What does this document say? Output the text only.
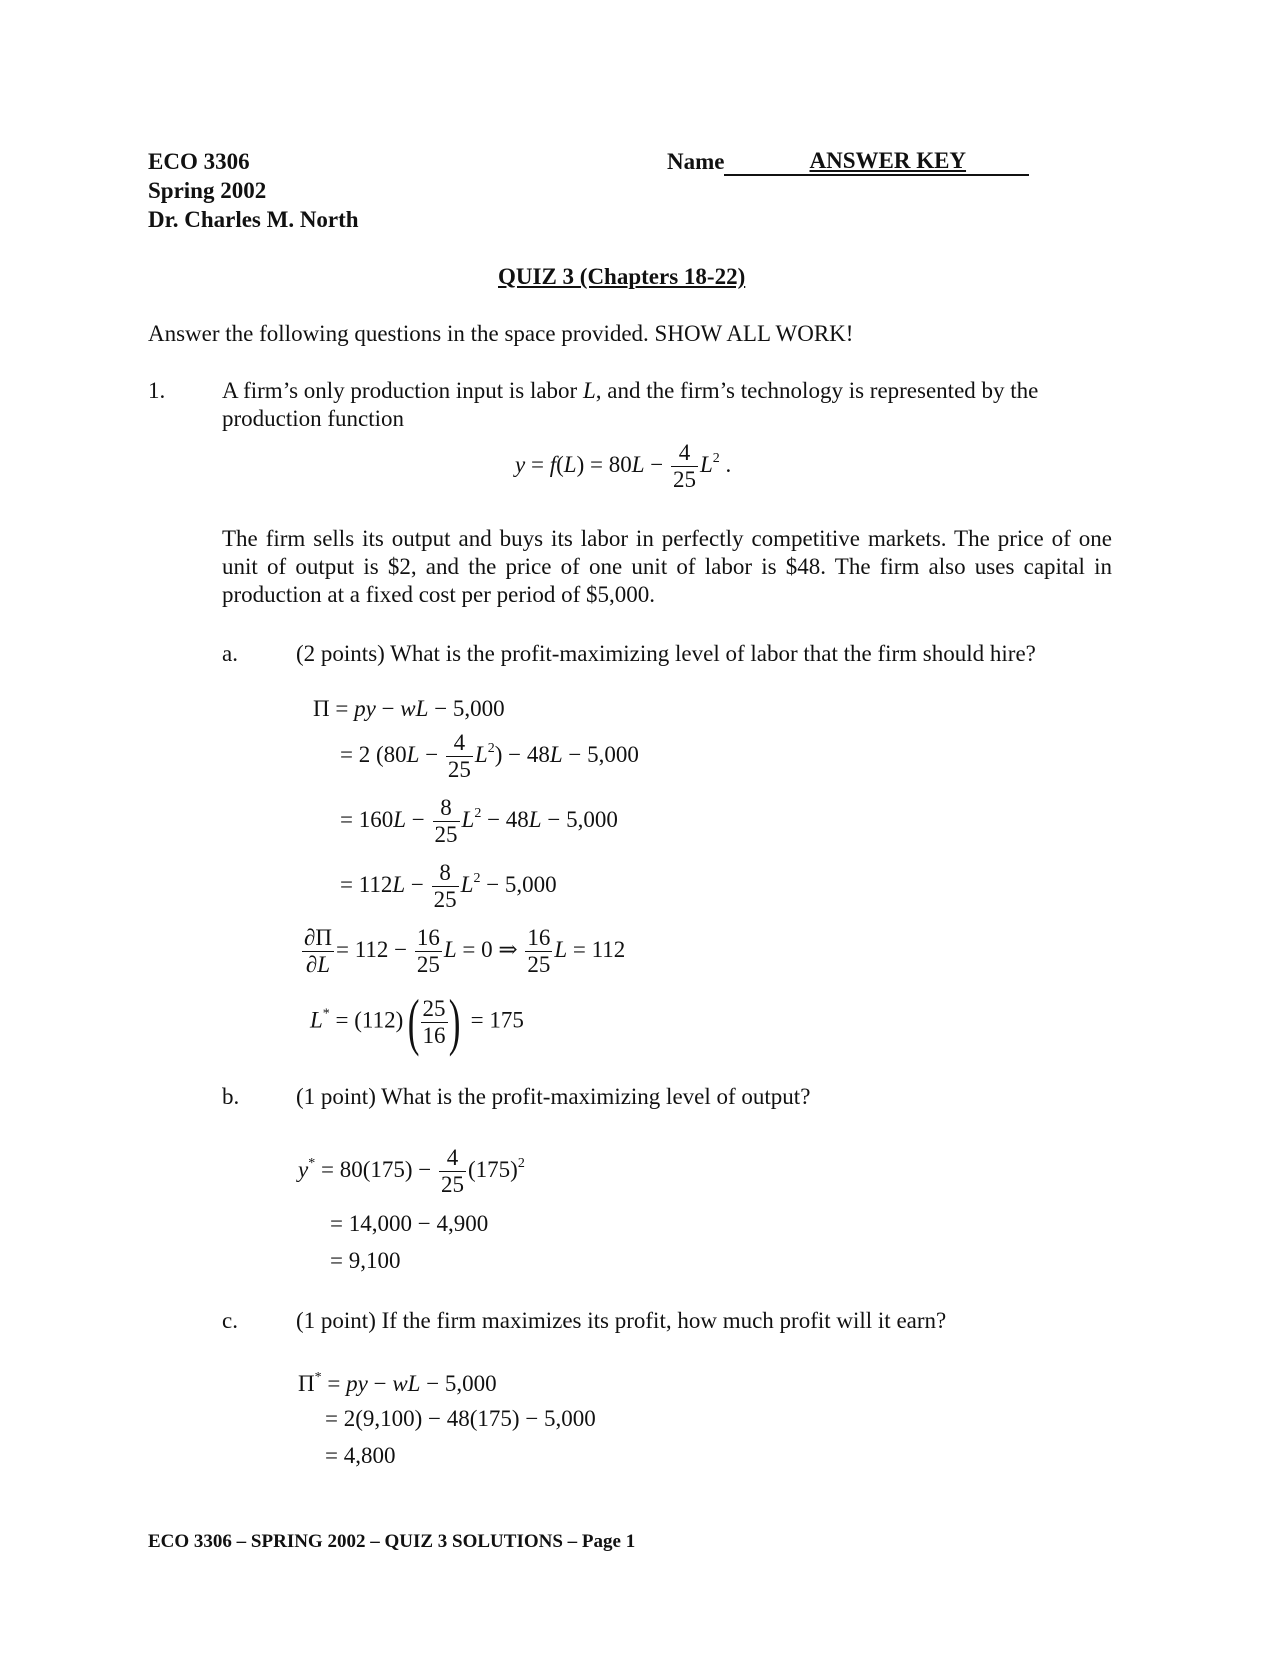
ECO 3306
Spring 2002
Dr. Charles M. North
Name	ANSWER KEY
QUIZ 3 (Chapters 18-22)
Answer the following questions in the space provided. SHOW ALL WORK!
1. A firm’s only production input is labor L, and the firm’s technology is represented by the
production function
$y = f(L) = 80L - \frac{4}{25} L^2$ .
The firm sells its output and buys its labor in perfectly competitive markets. The price of one unit of output is $2, and the price of one unit of labor is $48. The firm also uses capital in production at a fixed cost per period of $5,000.
a.	(2 points) What is the profit-maximizing level of labor that the firm should hire?
Π = py − wL − 5,000
= 2 $(80L - \frac{4}{25} L^2) - 48L - 5,000$
= $160L - \frac{8}{25} L^2 - 48L - 5,000$
= $112L - \frac{8}{25} L^2 - 5,000$
$\frac{\partial\Pi}{\partial L} = 112 - \frac{16}{25}$ L = 0 ⇒ $\frac{16}{25}$ L = 112
$L^* = (112)( \frac{25}{16}$ ) = 175
b. (1 point) What is the profit-maximizing level of output?
$y^* = 80(175) - \frac{4}{25} (175)^2$
= 14,000 − 4,900
= 9,100
c.	(1 point) If the firm maximizes its profit, how much profit will it earn?
Π* = py − wL − 5,000
= 2(9,100) − 48(175) − 5,000
= 4,800
ECO 3306 – SPRING 2002 – QUIZ 3 SOLUTIONS – Page 1
